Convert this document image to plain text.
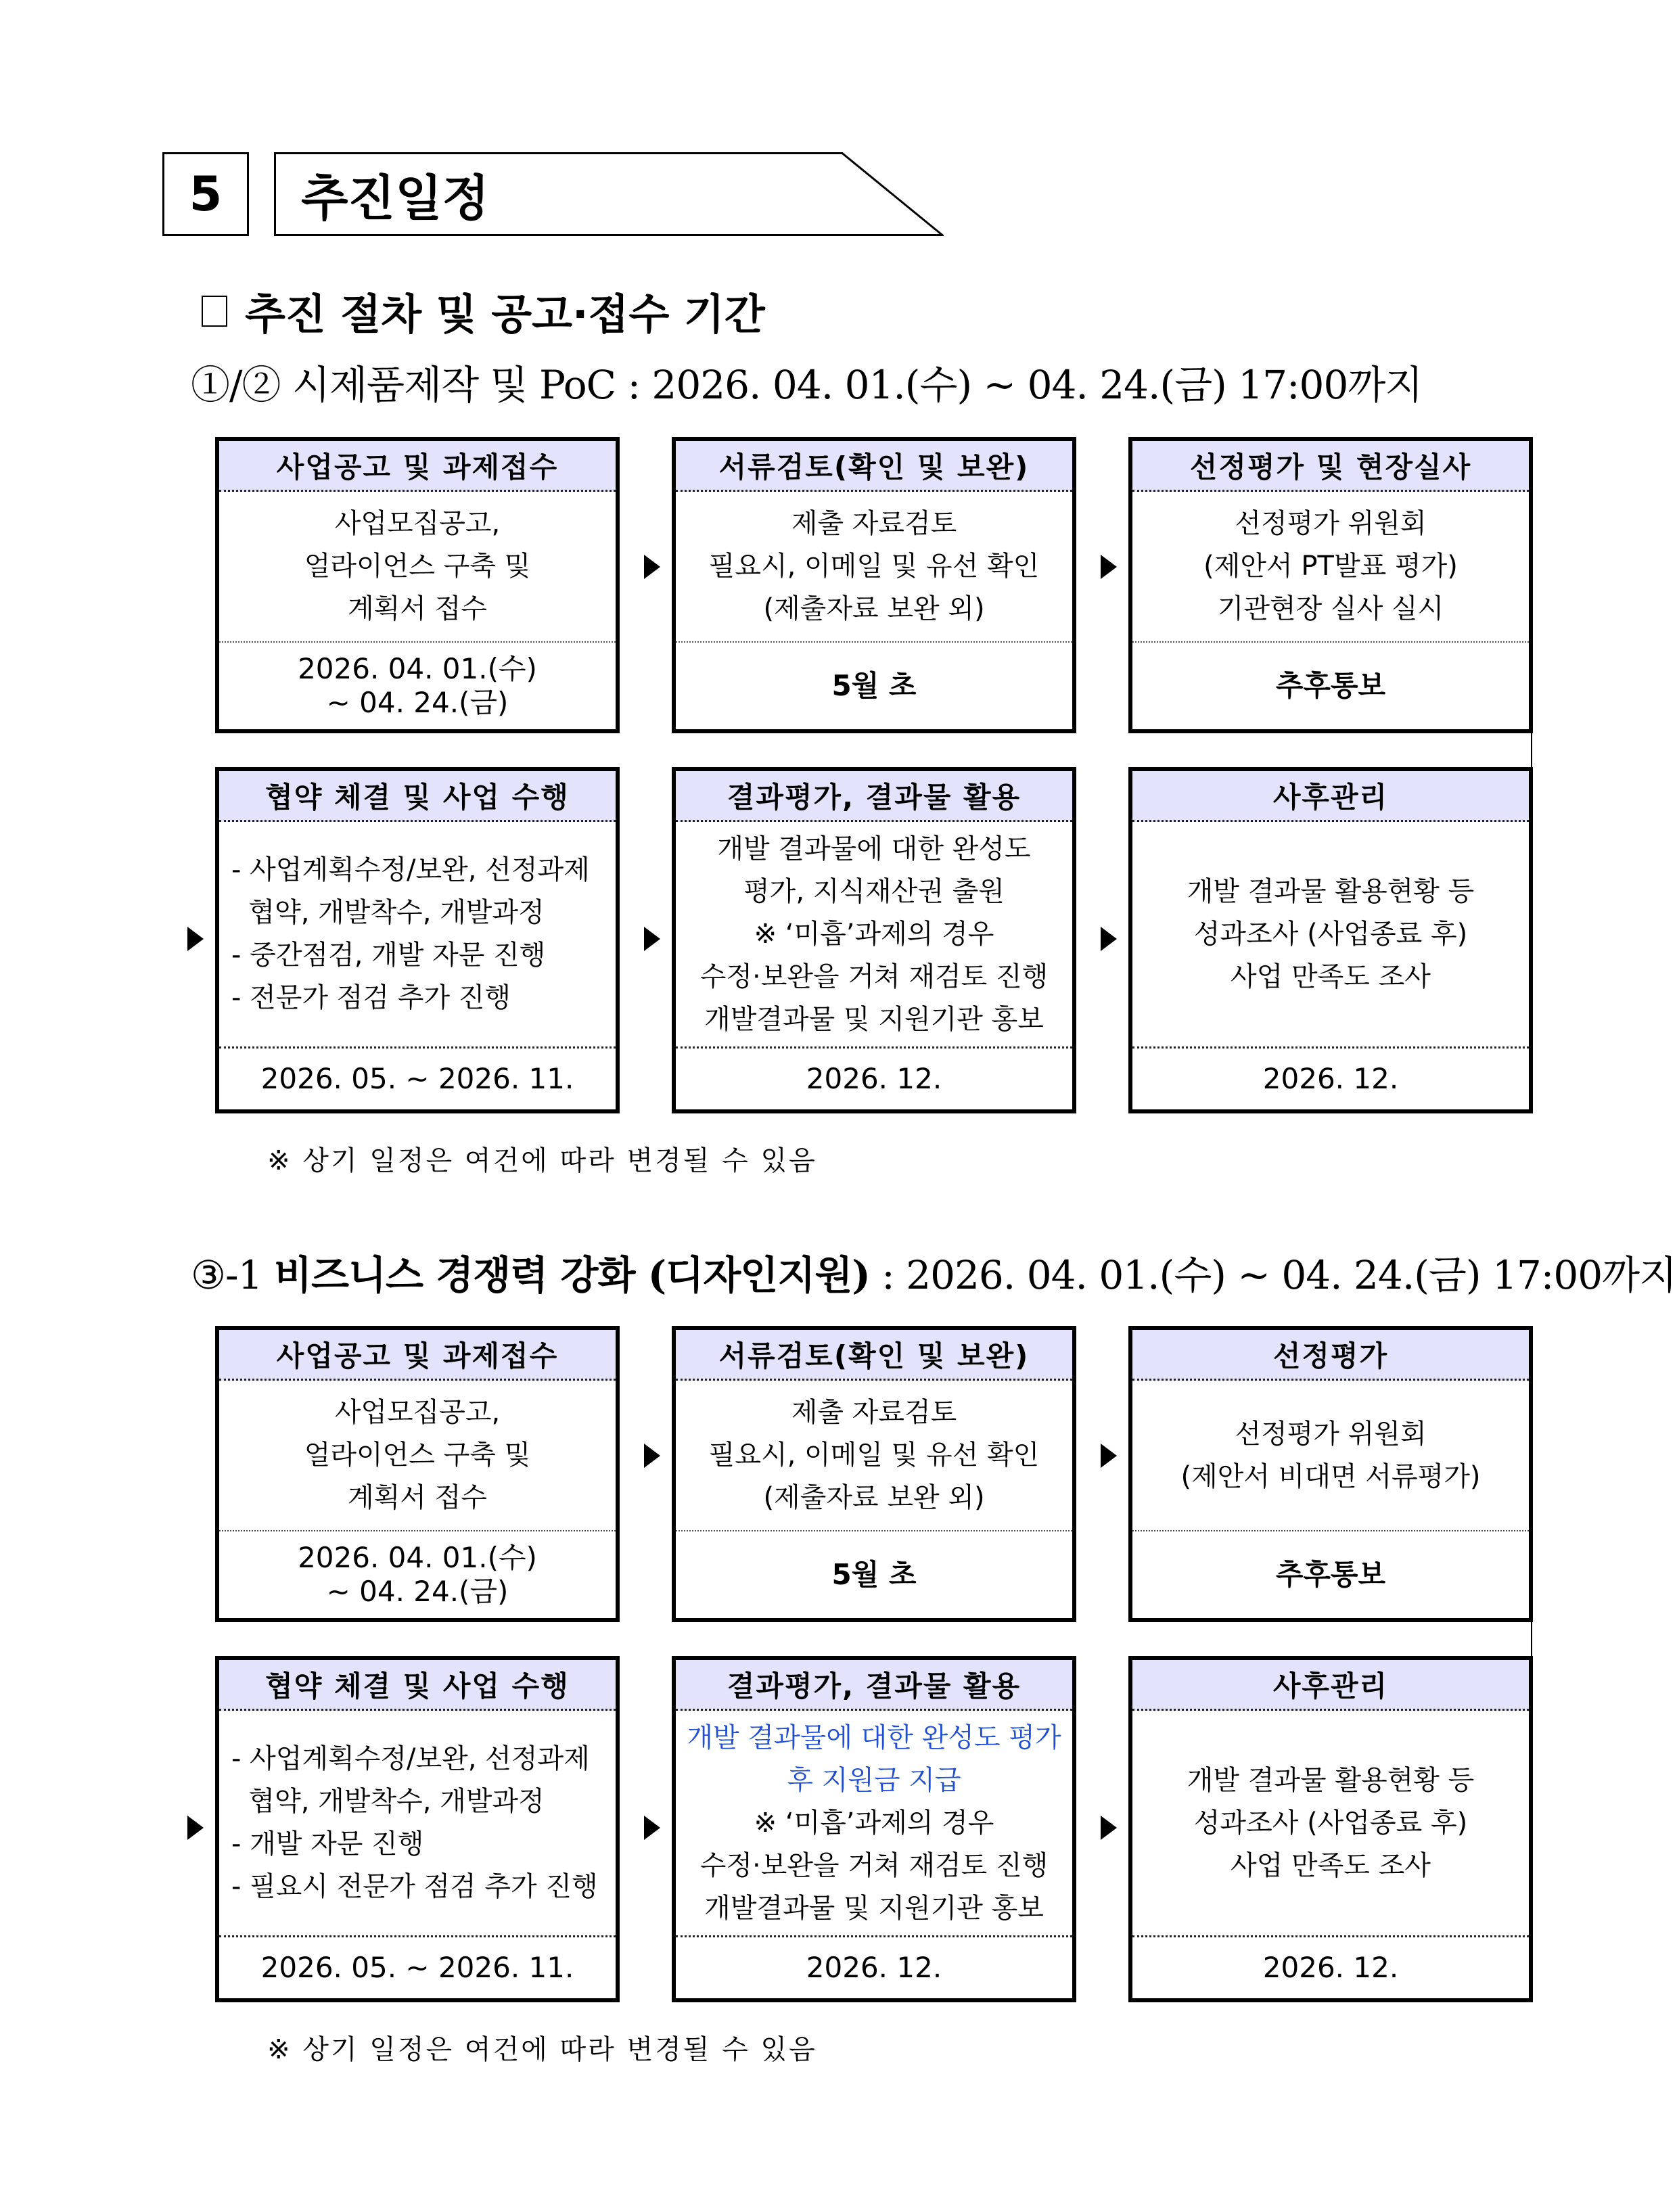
5 추진일정
추진 절차 및 공고·접수 기간
①/② 시제품제작 및 PoC : 2026. 04. 01.(수) ~ 04. 24.(금) 17:00까지
사업공고 및 과제접수
사업모집공고,
얼라이언스 구축 및
계획서 접수
2026. 04. 01.(수)
~ 04. 24.(금)
서류검토(확인 및 보완)
제출 자료검토
필요시, 이메일 및 유선 확인
(제출자료 보완 외)
5월 초
선정평가 및 현장실사
선정평가 위원회
(제안서 PT발표 평가)
기관현장 실사 실시
추후통보
협약 체결 및 사업 수행
- 사업계획수정/보완, 선정과제
협약, 개발착수, 개발과정
- 중간점검, 개발 자문 진행
- 전문가 점검 추가 진행
2026. 05. ~ 2026. 11.
결과평가, 결과물 활용
개발 결과물에 대한 완성도
평가, 지식재산권 출원
※ ‘미흡’과제의 경우
수정·보완을 거쳐 재검토 진행
개발결과물 및 지원기관 홍보
2026. 12.
사후관리
개발 결과물 활용현황 등
성과조사 (사업종료 후)
사업 만족도 조사
2026. 12.
※ 상기 일정은 여건에 따라 변경될 수 있음
③-1 비즈니스 경쟁력 강화 (디자인지원) : 2026. 04. 01.(수) ~ 04. 24.(금) 17:00까지
사업공고 및 과제접수
사업모집공고,
얼라이언스 구축 및
계획서 접수
2026. 04. 01.(수)
~ 04. 24.(금)
서류검토(확인 및 보완)
제출 자료검토
필요시, 이메일 및 유선 확인
(제출자료 보완 외)
5월 초
선정평가
선정평가 위원회
(제안서 비대면 서류평가)
추후통보
협약 체결 및 사업 수행
- 사업계획수정/보완, 선정과제
협약, 개발착수, 개발과정
- 개발 자문 진행
- 필요시 전문가 점검 추가 진행
2026. 05. ~ 2026. 11.
결과평가, 결과물 활용
개발 결과물에 대한 완성도 평가
후 지원금 지급
※ ‘미흡’과제의 경우
수정·보완을 거쳐 재검토 진행
개발결과물 및 지원기관 홍보
2026. 12.
사후관리
개발 결과물 활용현황 등
성과조사 (사업종료 후)
사업 만족도 조사
2026. 12.
※ 상기 일정은 여건에 따라 변경될 수 있음
